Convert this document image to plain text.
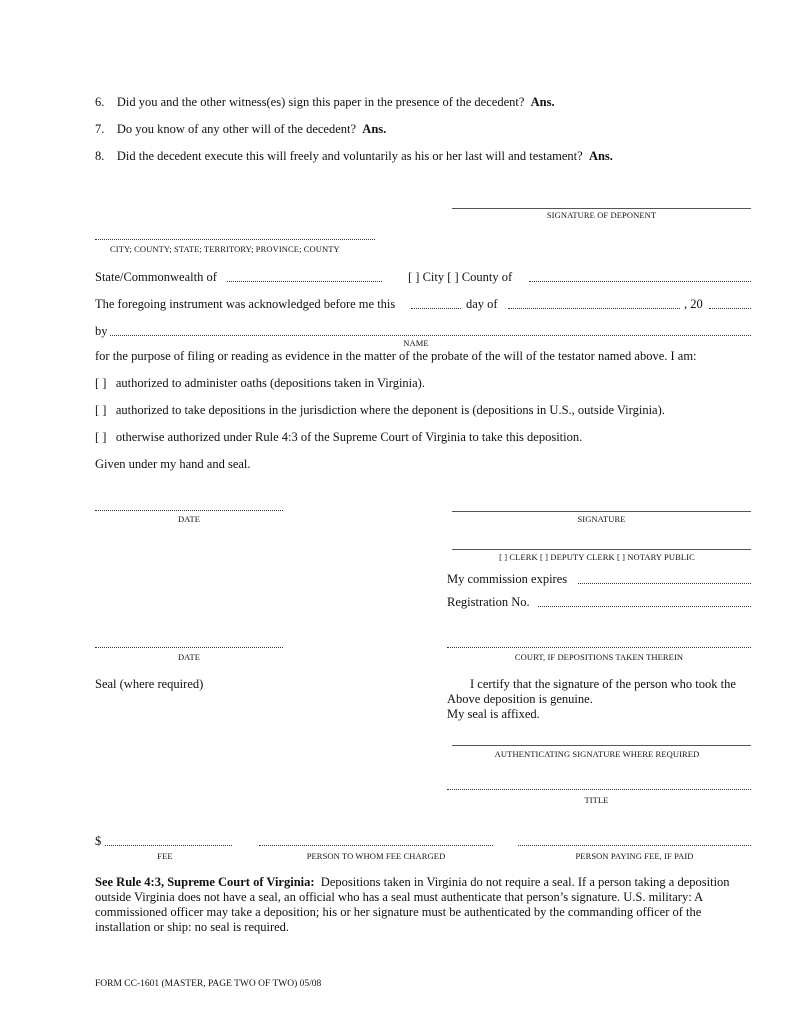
6. Did you and the other witness(es) sign this paper in the presence of the decedent? Ans.
7. Do you know of any other will of the decedent? Ans.
8. Did the decedent execute this will freely and voluntarily as his or her last will and testament? Ans.
SIGNATURE OF DEPONENT
CITY; COUNTY; STATE; TERRITORY; PROVINCE; COUNTY
State/Commonwealth of	[ ] City [ ] County of
The foregoing instrument was acknowledged before me this	day of	, 20
by
NAME
for the purpose of filing or reading as evidence in the matter of the probate of the will of the testator named above. I am:
[ ] authorized to administer oaths (depositions taken in Virginia).
[ ] authorized to take depositions in the jurisdiction where the deponent is (depositions in U.S., outside Virginia).
[ ] otherwise authorized under Rule 4:3 of the Supreme Court of Virginia to take this deposition.
Given under my hand and seal.
DATE	SIGNATURE
[ ] CLERK [ ] DEPUTY CLERK [ ] NOTARY PUBLIC
My commission expires
Registration No.
DATE	COURT, IF DEPOSITIONS TAKEN THEREIN
Seal (where required)	I certify that the signature of the person who took the
Above deposition is genuine.
My seal is affixed.
AUTHENTICATING SIGNATURE WHERE REQUIRED
TITLE
$
FEE	PERSON TO WHOM FEE CHARGED	PERSON PAYING FEE, IF PAID
See Rule 4:3, Supreme Court of Virginia: Depositions taken in Virginia do not require a seal. If a person taking a deposition outside Virginia does not have a seal, an official who has a seal must authenticate that person’s signature. U.S. military: A commissioned officer may take a deposition; his or her signature must be authenticated by the commanding officer of the installation or ship: no seal is required.
FORM CC-1601 (MASTER, PAGE TWO OF TWO) 05/08
